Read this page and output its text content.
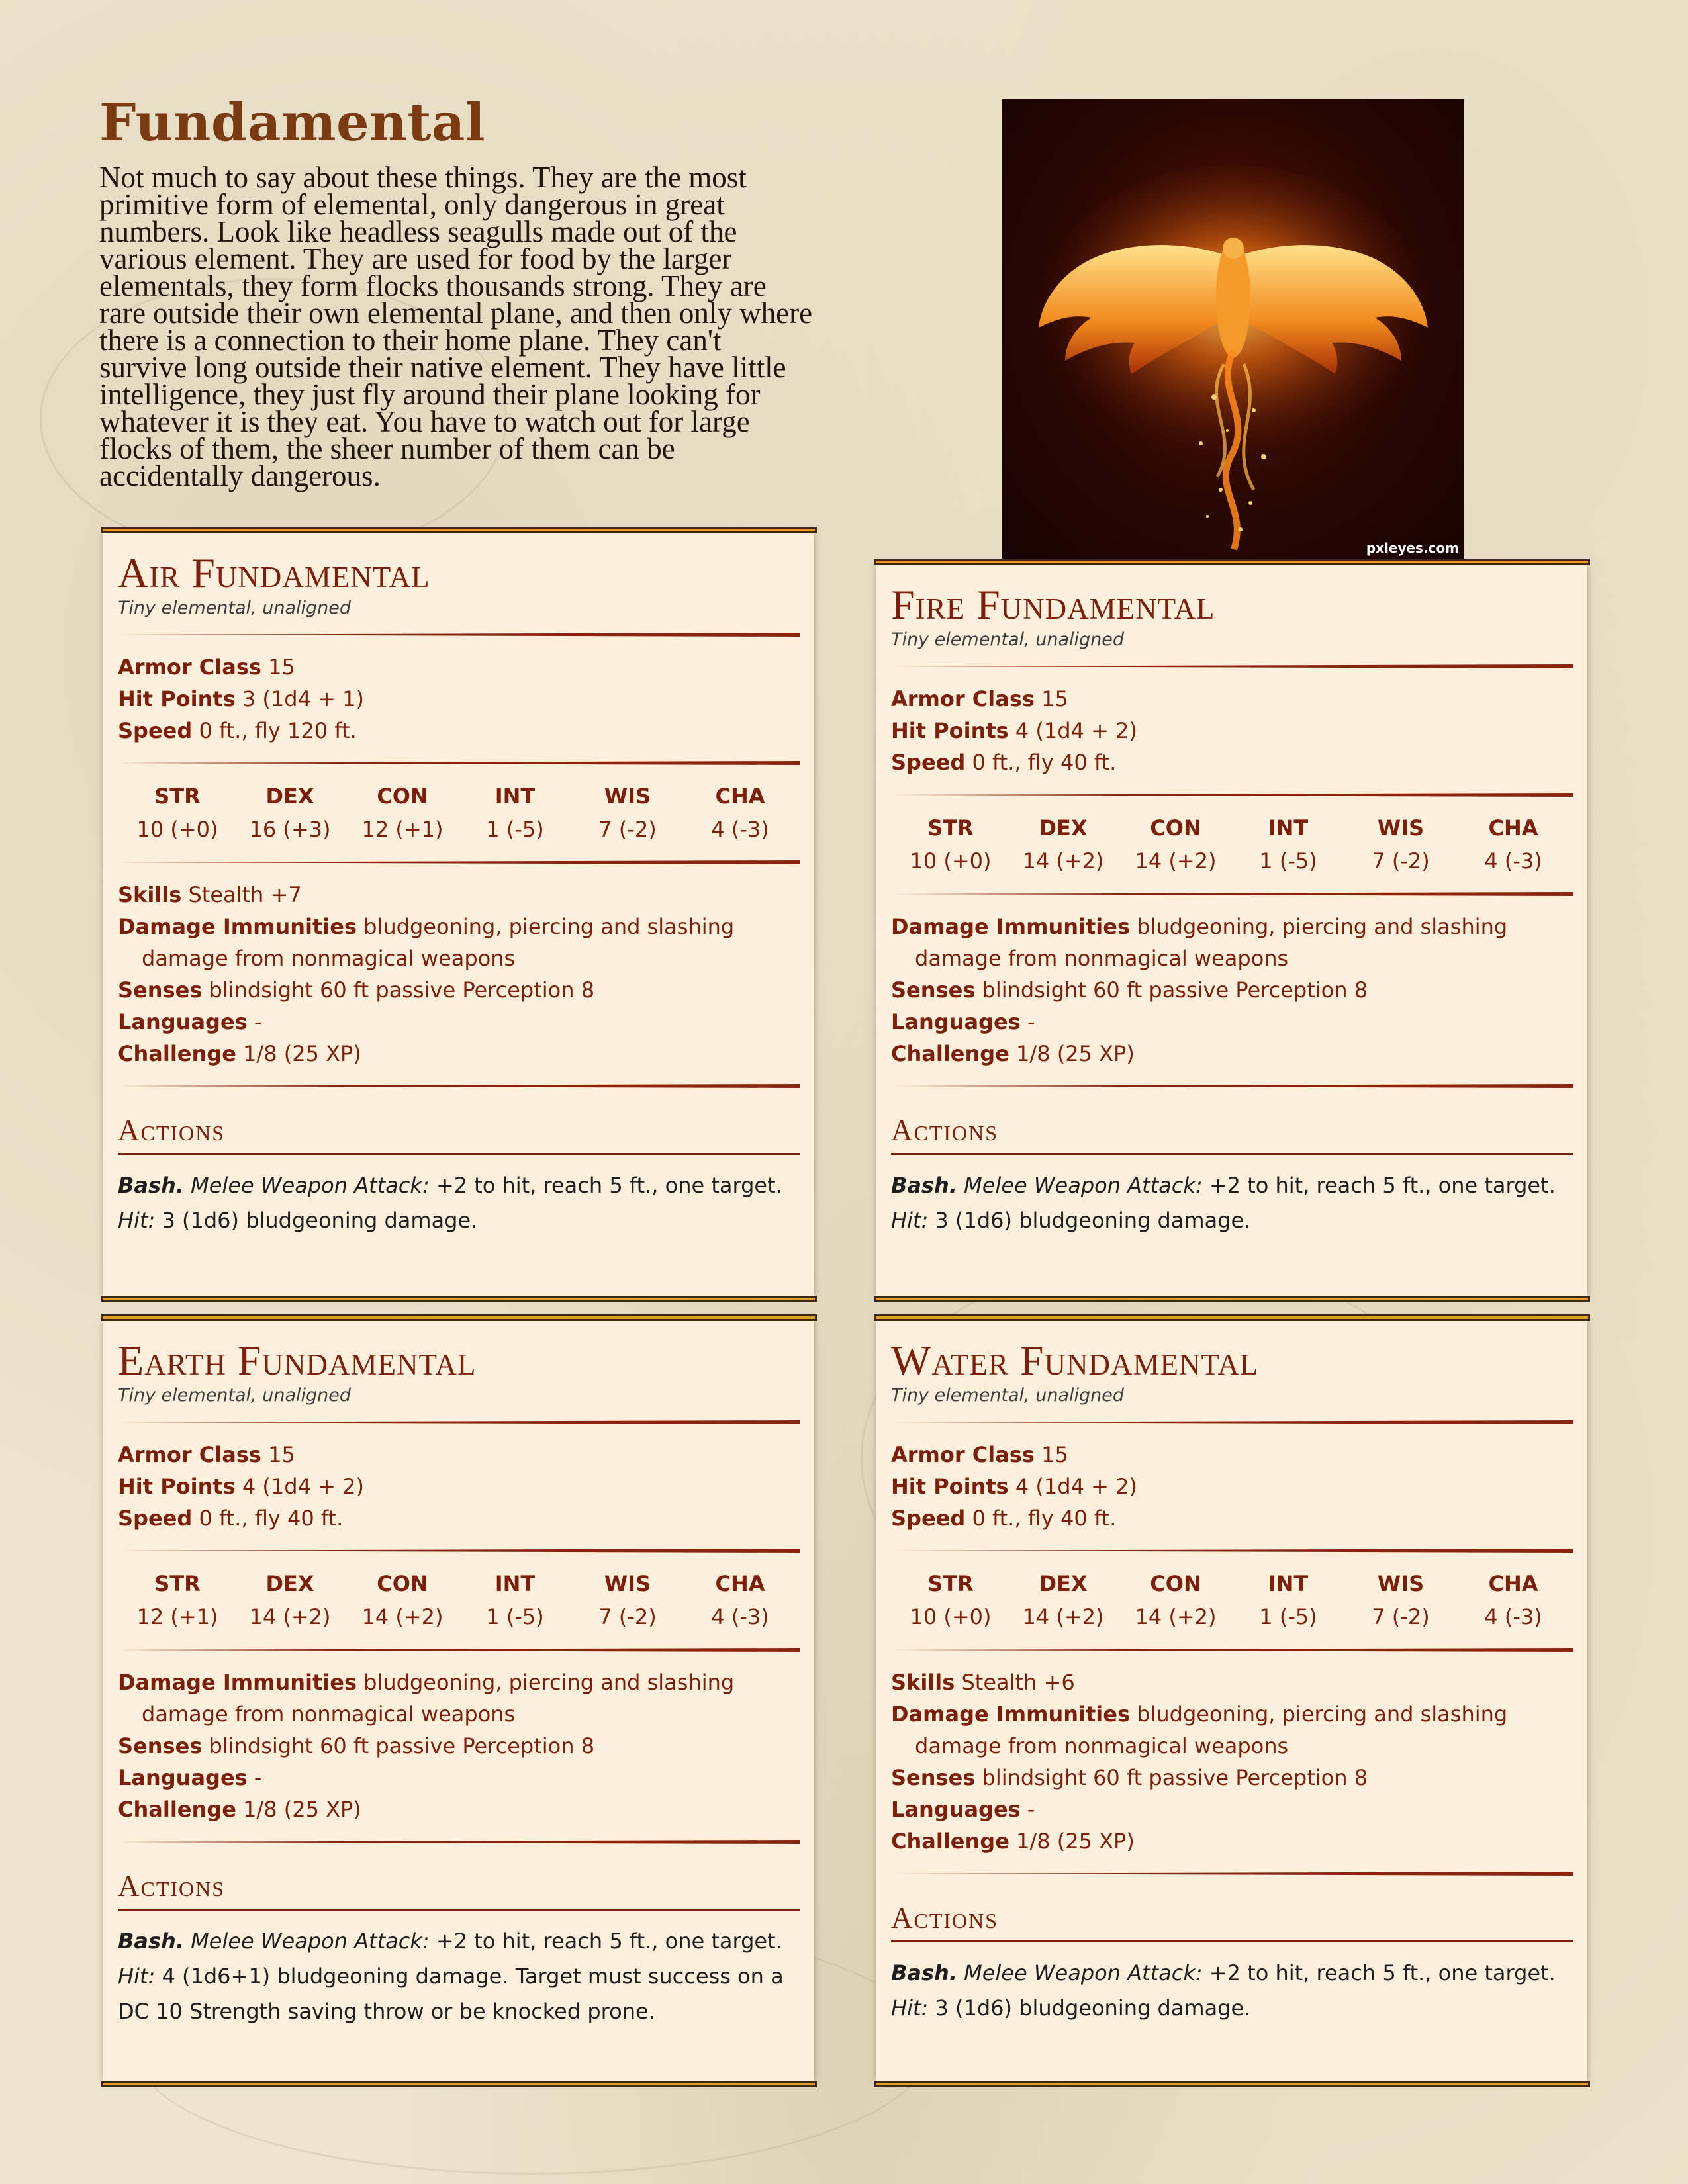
Fundamental

Not much to say about these things. They are the most primitive form of elemental, only dangerous in great numbers. Look like headless seagulls made out of the various element. They are used for food by the larger elementals, they form flocks thousands strong. They are rare outside their own elemental plane, and then only where there is a connection to their home plane. They can't survive long outside their native element. They have little intelligence, they just fly around their plane looking for whatever it is they eat. You have to watch out for large flocks of them, the sheer number of them can be accidentally dangerous.

pxleyes.com
Air Fundamental
Tiny elemental, unaligned

Armor Class 15

Hit Points 3 (1d4 + 1)

Speed 0 ft., fly 120 ft.

STR
10 (+0)
DEX
16 (+3)
CON
12 (+1)
INT
1 (-5)
WIS
7 (-2)
CHA
4 (-3)

Skills Stealth +7

Damage Immunities bludgeoning, piercing and slashing damage from nonmagical weapons

Senses blindsight 60 ft passive Perception 8

Languages -

Challenge 1/8 (25 XP)

Actions

Bash. Melee Weapon Attack: +2 to hit, reach 5 ft., one target. Hit: 3 (1d6) bludgeoning damage.

Fire Fundamental
Tiny elemental, unaligned

Armor Class 15

Hit Points 4 (1d4 + 2)

Speed 0 ft., fly 40 ft.

STR
10 (+0)
DEX
14 (+2)
CON
14 (+2)
INT
1 (-5)
WIS
7 (-2)
CHA
4 (-3)

Damage Immunities bludgeoning, piercing and slashing damage from nonmagical weapons

Senses blindsight 60 ft passive Perception 8

Languages -

Challenge 1/8 (25 XP)

Actions

Bash. Melee Weapon Attack: +2 to hit, reach 5 ft., one target. Hit: 3 (1d6) bludgeoning damage.

Earth Fundamental
Tiny elemental, unaligned

Armor Class 15

Hit Points 4 (1d4 + 2)

Speed 0 ft., fly 40 ft.

STR
12 (+1)
DEX
14 (+2)
CON
14 (+2)
INT
1 (-5)
WIS
7 (-2)
CHA
4 (-3)

Damage Immunities bludgeoning, piercing and slashing damage from nonmagical weapons

Senses blindsight 60 ft passive Perception 8

Languages -

Challenge 1/8 (25 XP)

Actions

Bash. Melee Weapon Attack: +2 to hit, reach 5 ft., one target. Hit: 4 (1d6+1) bludgeoning damage. Target must success on a DC 10 Strength saving throw or be knocked prone.

Water Fundamental
Tiny elemental, unaligned

Armor Class 15

Hit Points 4 (1d4 + 2)

Speed 0 ft., fly 40 ft.

STR
10 (+0)
DEX
14 (+2)
CON
14 (+2)
INT
1 (-5)
WIS
7 (-2)
CHA
4 (-3)

Skills Stealth +6

Damage Immunities bludgeoning, piercing and slashing damage from nonmagical weapons

Senses blindsight 60 ft passive Perception 8

Languages -

Challenge 1/8 (25 XP)

Actions

Bash. Melee Weapon Attack: +2 to hit, reach 5 ft., one target. Hit: 3 (1d6) bludgeoning damage.
